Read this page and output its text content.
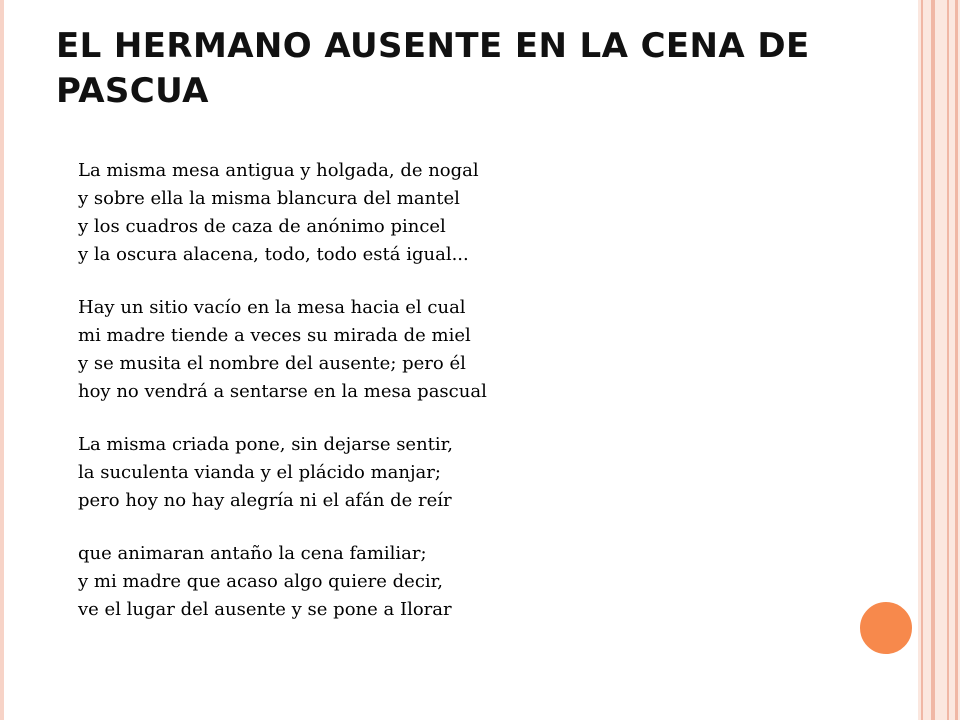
EL HERMANO AUSENTE EN LA CENA DE PASCUA
La misma mesa antigua y holgada, de nogal
y sobre ella la misma blancura del mantel
y los cuadros de caza de anónimo pincel
y la oscura alacena, todo, todo está igual...
Hay un sitio vacío en la mesa hacia el cual
mi madre tiende a veces su mirada de miel
y se musita el nombre del ausente; pero él
hoy no vendrá a sentarse en la mesa pascual
La misma criada pone, sin dejarse sentir,
la suculenta vianda y el plácido manjar;
pero hoy no hay alegría ni el afán de reír
que animaran antaño la cena familiar;
y mi madre que acaso algo quiere decir,
ve el lugar del ausente y se pone a Ilorar
